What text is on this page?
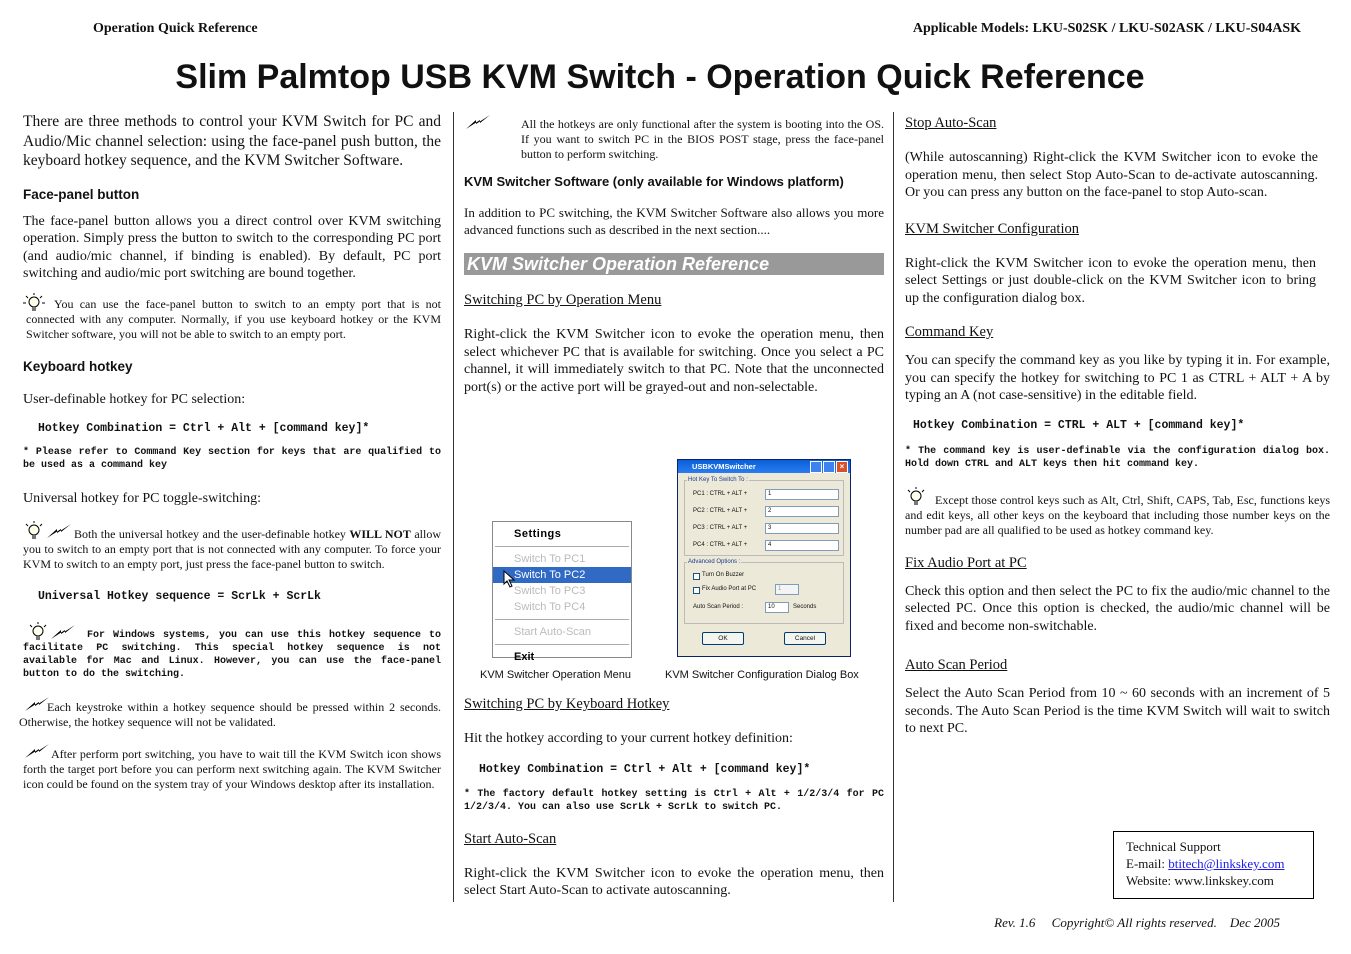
Operation Quick Reference	Applicable Models: LKU-S02SK / LKU-S02ASK / LKU-S04ASK
Slim Palmtop USB KVM Switch - Operation Quick Reference

There are three methods to control your KVM Switch for PC and Audio/Mic channel selection: using the face-panel push button, the keyboard hotkey sequence, and the KVM Switcher Software.

Face-panel button

The face-panel button allows you a direct control over KVM switching operation. Simply press the button to switch to the corresponding PC port (and audio/mic channel, if binding is enabled). By default, PC port switching and audio/mic port switching are bound together.

You can use the face-panel button to switch to an empty port that is not connected with any computer. Normally, if you use keyboard hotkey or the KVM Switcher software, you will not be able to switch to an empty port.

Keyboard hotkey

User-definable hotkey for PC selection:

Hotkey Combination = Ctrl + Alt + [command key]*

* Please refer to Command Key section for keys that are qualified to be used as a command key

Universal hotkey for PC toggle-switching:

Both the universal hotkey and the user-definable hotkey WILL NOT allow you to switch to an empty port that is not connected with any computer. To force your KVM to switch to an empty port, just press the face-panel button to switch.

Universal Hotkey sequence = ScrLk + ScrLk

For Windows systems, you can use this hotkey sequence to facilitate PC switching. This special hotkey sequence is not available for Mac and Linux. However, you can use the face-panel button to do the switching.

Each keystroke within a hotkey sequence should be pressed within 2 seconds. Otherwise, the hotkey sequence will not be validated.

After perform port switching, you have to wait till the KVM Switch icon shows forth the target port before you can perform next switching again. The KVM Switcher icon could be found on the system tray of your Windows desktop after its installation.

All the hotkeys are only functional after the system is booting into the OS. If you want to switch PC in the BIOS POST stage, press the face-panel button to perform switching.

KVM Switcher Software (only available for Windows platform)

In addition to PC switching, the KVM Switcher Software also allows you more advanced functions such as described in the next section....

KVM Switcher Operation Reference
Switching PC by Operation Menu

Right-click the KVM Switcher icon to evoke the operation menu, then select whichever PC that is available for switching. Once you select a PC channel, it will immediately switch to that PC. Note that the unconnected port(s) or the active port will be grayed-out and non-selectable.

Settings
Switch To PC1
Switch To PC2
Switch To PC3
Switch To PC4
Start Auto-Scan
Exit
USBKVMSwitcher	×
Hot Key To Switch To :
PC1 : CTRL + ALT +	1
PC2 : CTRL + ALT +	2
PC3 : CTRL + ALT +	3
PC4 : CTRL + ALT +	4
Advanced Options :
Turn On Buzzer
Fix Audio Port at PC	1
Auto Scan Period :	10	Seconds
OK	Cancel
KVM Switcher Operation Menu	KVM Switcher Configuration Dialog Box
Switching PC by Keyboard Hotkey

Hit the hotkey according to your current hotkey definition:

Hotkey Combination = Ctrl + Alt + [command key]*

* The factory default hotkey setting is Ctrl + Alt + 1/2/3/4 for PC 1/2/3/4. You can also use ScrLk + ScrLk to switch PC.

Start Auto-Scan

Right-click the KVM Switcher icon to evoke the operation menu, then select Start Auto-Scan to activate autoscanning.

Stop Auto-Scan

(While autoscanning) Right-click the KVM Switcher icon to evoke the operation menu, then select Stop Auto-Scan to de-activate autoscanning. Or you can press any button on the face-panel to stop Auto-scan.

KVM Switcher Configuration

Right-click the KVM Switcher icon to evoke the operation menu, then select Settings or just double-click on the KVM Switcher icon to bring up the configuration dialog box.

Command Key

You can specify the command key as you like by typing it in. For example, you can specify the hotkey for switching to PC 1 as CTRL + ALT + A by typing an A (not case-sensitive) in the editable field.

Hotkey Combination = CTRL + ALT + [command key]*

* The command key is user-definable via the configuration dialog box. Hold down CTRL and ALT keys then hit command key.

Except those control keys such as Alt, Ctrl, Shift, CAPS, Tab, Esc, functions keys and edit keys, all other keys on the keyboard that including those number keys on the number pad are all qualified to be used as hotkey command key.

Fix Audio Port at PC

Check this option and then select the PC to fix the audio/mic channel to the selected PC. Once this option is checked, the audio/mic channel will be fixed and become non-switchable.

Auto Scan Period

Select the Auto Scan Period from 10 ~ 60 seconds with an increment of 5 seconds. The Auto Scan Period is the time KVM Switch will wait to switch to next PC.

Technical Support
E-mail: btitech@linkskey.com
Website: www.linkskey.com
Rev. 1.6     Copyright© All rights reserved.    Dec 2005
